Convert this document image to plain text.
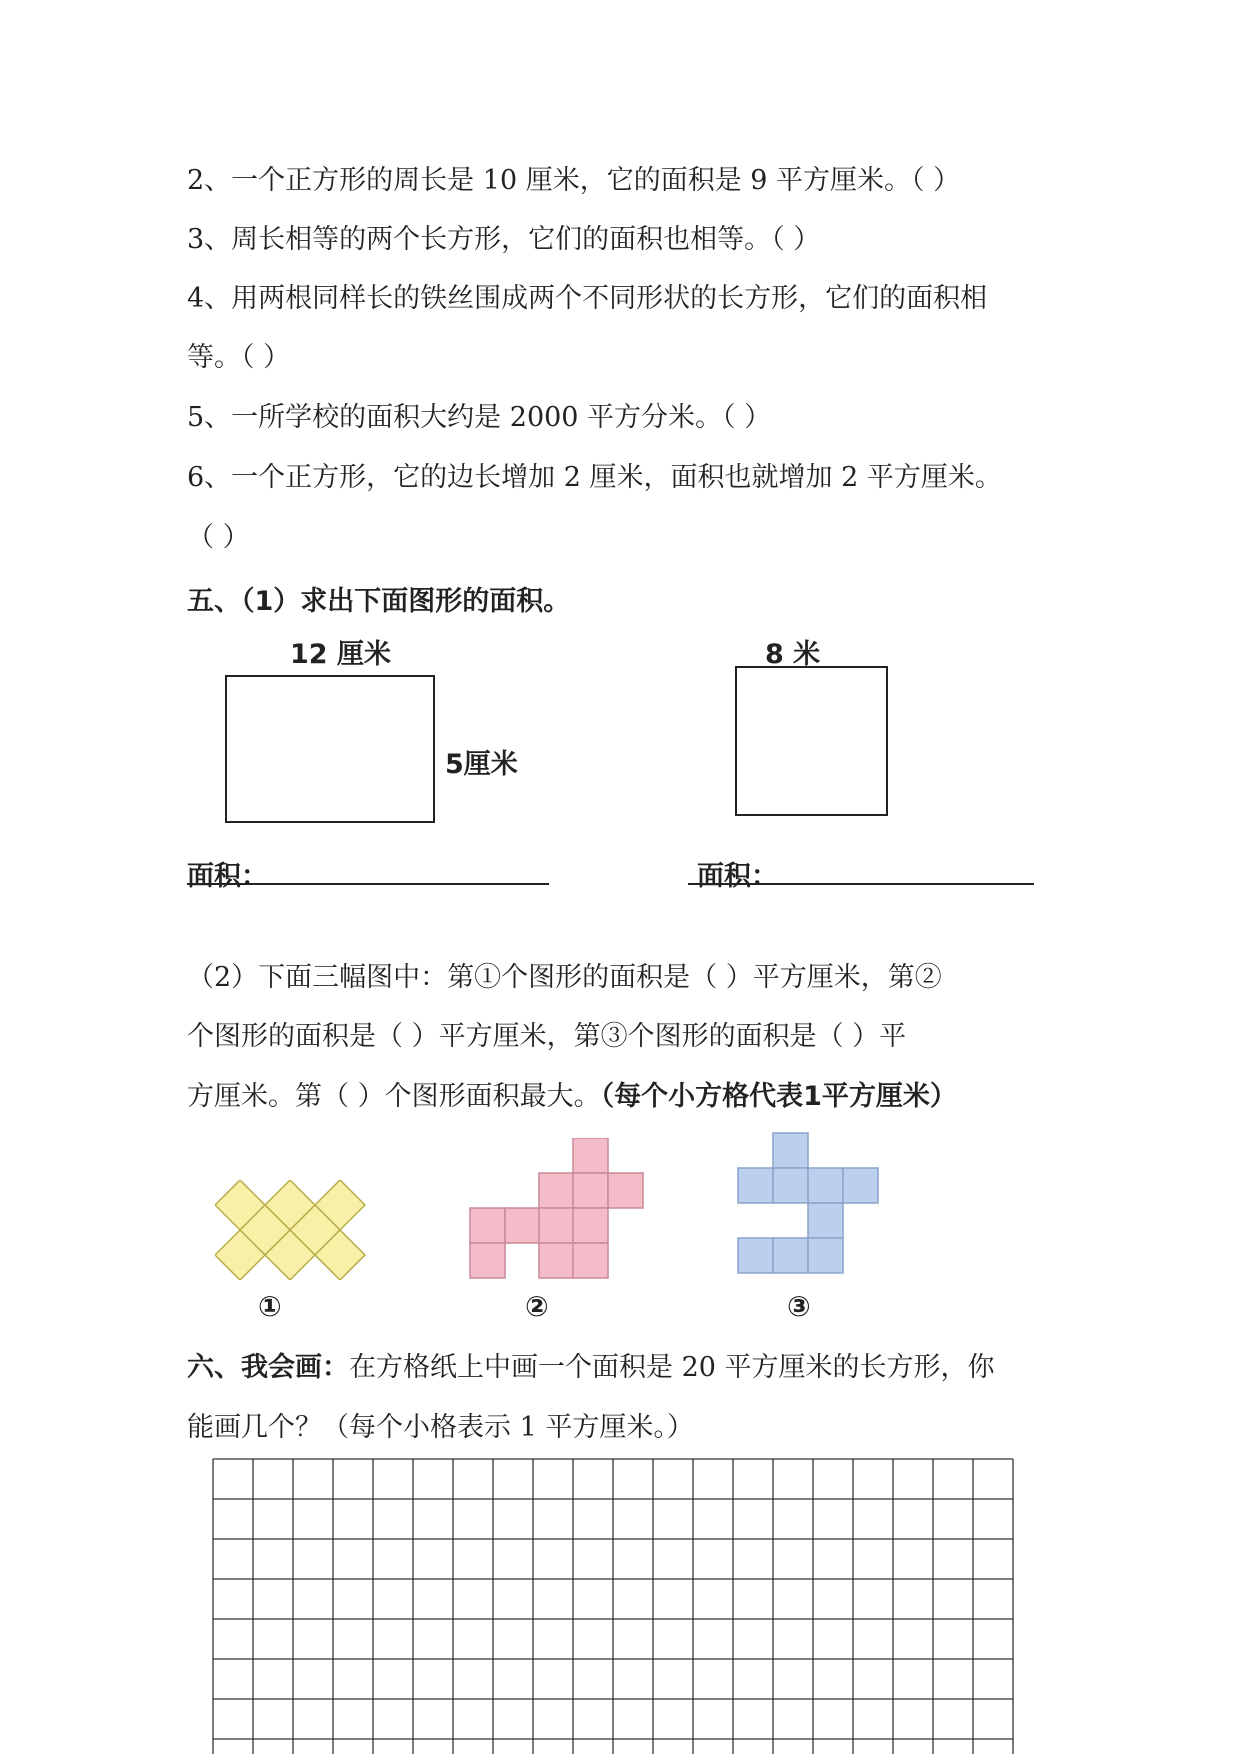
2、一个正方形的周长是 10 厘米，它的面积是 9 平方厘米。（ ）
3、周长相等的两个长方形，它们的面积也相等。（ ）
4、用两根同样长的铁丝围成两个不同形状的长方形，它们的面积相
等。（ ）
5、一所学校的面积大约是 2000 平方分米。（ ）
6、一个正方形，它的边长增加 2 厘米，面积也就增加 2 平方厘米。
（ ）
五、（1）求出下面图形的面积。
12 厘米
5厘米
8 米
面积：	面积：
（2）下面三幅图中：第①个图形的面积是（ ）平方厘米，第②
个图形的面积是（ ）平方厘米，第③个图形的面积是（ ）平
方厘米。第（ ）个图形面积最大。（每个小方格代表1平方厘米）
①	②	③
六、我会画：在方格纸上中画一个面积是 20 平方厘米的长方形，你
能画几个？（每个小格表示 1 平方厘米。）
